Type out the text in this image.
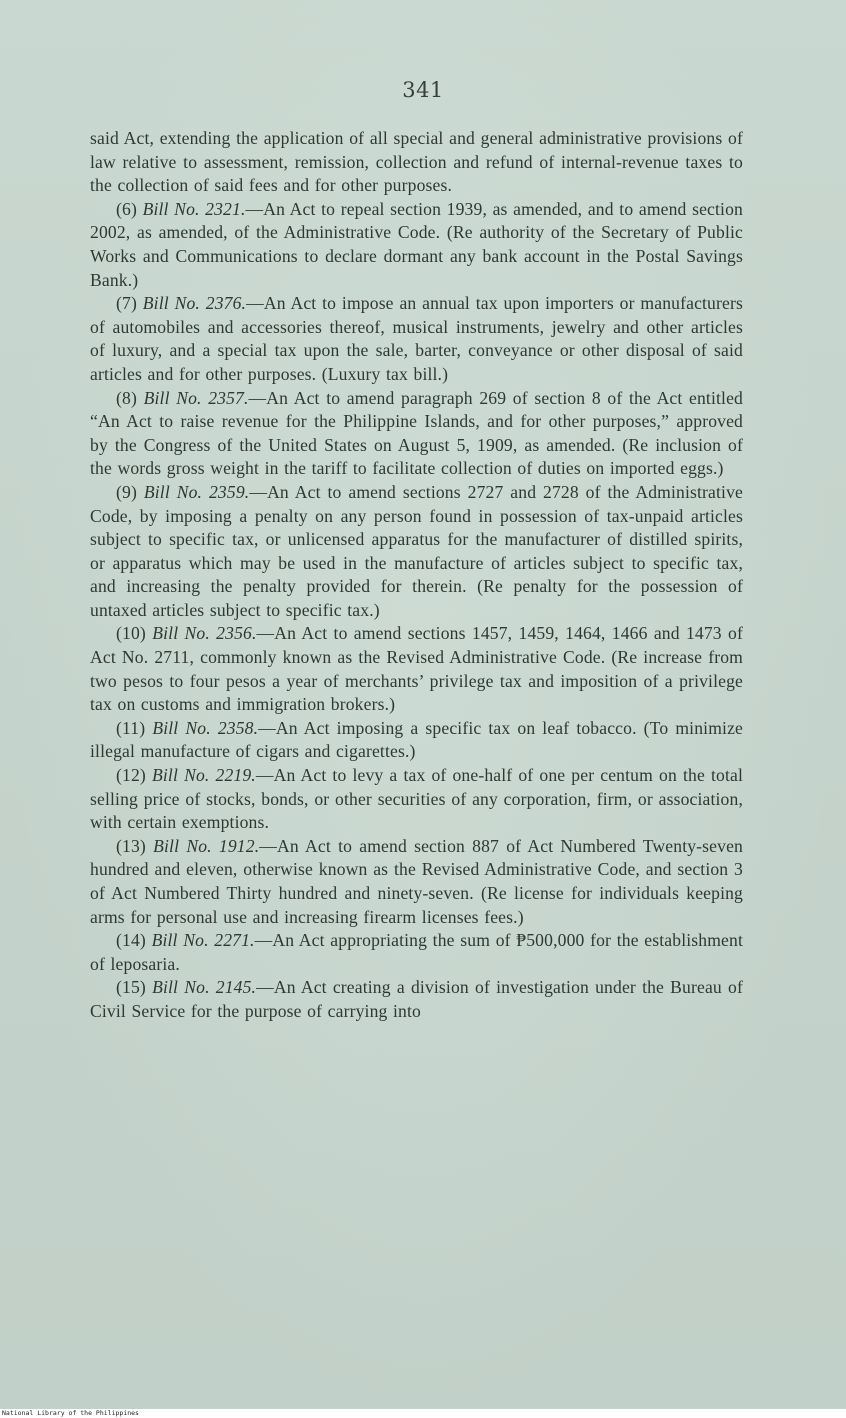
341

said Act, extending the application of all special and general administrative provisions of law relative to assessment, remission, collection and refund of internal-revenue taxes to the collection of said fees and for other purposes.

(6) Bill No. 2321.—An Act to repeal section 1939, as amended, and to amend section 2002, as amended, of the Administrative Code. (Re authority of the Secretary of Public Works and Communications to declare dormant any bank account in the Postal Savings Bank.)

(7) Bill No. 2376.—An Act to impose an annual tax upon importers or manufacturers of automobiles and accessories thereof, musical instruments, jewelry and other articles of luxury, and a special tax upon the sale, barter, conveyance or other disposal of said articles and for other purposes. (Luxury tax bill.)

(8) Bill No. 2357.—An Act to amend paragraph 269 of section 8 of the Act entitled “An Act to raise revenue for the Philippine Islands, and for other purposes,” approved by the Congress of the United States on August 5, 1909, as amended. (Re inclusion of the words gross weight in the tariff to facilitate collection of duties on imported eggs.)

(9) Bill No. 2359.—An Act to amend sections 2727 and 2728 of the Administrative Code, by imposing a penalty on any person found in possession of tax-unpaid articles subject to specific tax, or unlicensed apparatus for the manufacturer of distilled spirits, or apparatus which may be used in the manufacture of articles subject to specific tax, and increasing the penalty provided for therein. (Re penalty for the possession of untaxed articles subject to specific tax.)

(10) Bill No. 2356.—An Act to amend sections 1457, 1459, 1464, 1466 and 1473 of Act No. 2711, commonly known as the Revised Administrative Code. (Re increase from two pesos to four pesos a year of merchants’ privilege tax and imposition of a privilege tax on customs and immigration brokers.)

(11) Bill No. 2358.—An Act imposing a specific tax on leaf tobacco. (To minimize illegal manufacture of cigars and cigarettes.)

(12) Bill No. 2219.—An Act to levy a tax of one-half of one per centum on the total selling price of stocks, bonds, or other securities of any corporation, firm, or association, with certain exemptions.

(13) Bill No. 1912.—An Act to amend section 887 of Act Numbered Twenty-seven hundred and eleven, otherwise known as the Revised Administrative Code, and section 3 of Act Numbered Thirty hundred and ninety-seven. (Re license for individuals keeping arms for personal use and increasing firearm licenses fees.)

(14) Bill No. 2271.—An Act appropriating the sum of ₱500,000 for the establishment of leposaria.

(15) Bill No. 2145.—An Act creating a division of investigation under the Bureau of Civil Service for the purpose of carrying into

National Library of the Philippines
